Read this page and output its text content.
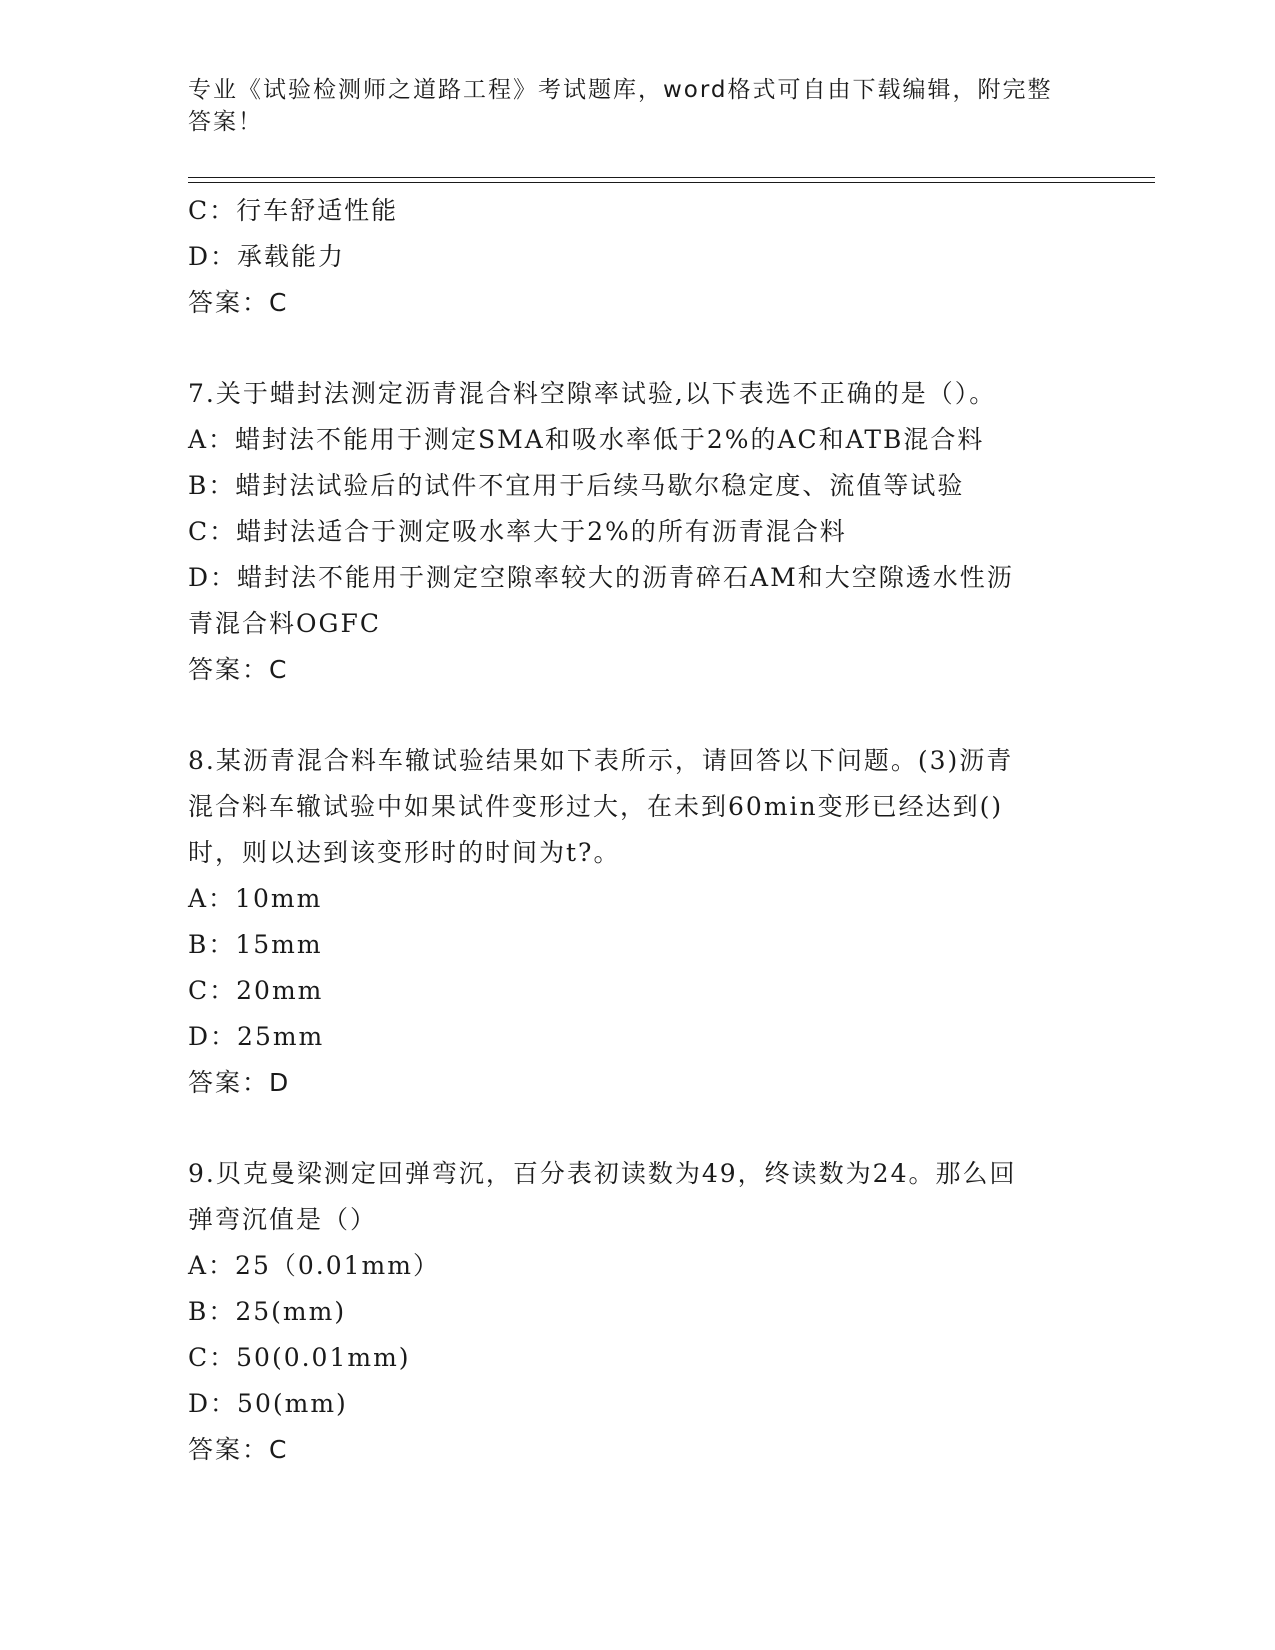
专业《试验检测师之道路工程》考试题库，word格式可自由下载编辑，附完整答案！
C：行车舒适性能
D：承载能力
答案：C
7.关于蜡封法测定沥青混合料空隙率试验,以下表选不正确的是（）。
A：蜡封法不能用于测定SMA和吸水率低于2%的AC和ATB混合料
B：蜡封法试验后的试件不宜用于后续马歇尔稳定度、流值等试验
C：蜡封法适合于测定吸水率大于2%的所有沥青混合料
D：蜡封法不能用于测定空隙率较大的沥青碎石AM和大空隙透水性沥
青混合料OGFC
答案：C
8.某沥青混合料车辙试验结果如下表所示，请回答以下问题。(3)沥青
混合料车辙试验中如果试件变形过大，在未到60min变形已经达到()
时，则以达到该变形时的时间为t?。
A：10mm
B：15mm
C：20mm
D：25mm
答案：D
9.贝克曼梁测定回弹弯沉，百分表初读数为49，终读数为24。那么回
弹弯沉值是（）
A：25（0.01mm）
B：25(mm)
C：50(0.01mm)
D：50(mm)
答案：C
